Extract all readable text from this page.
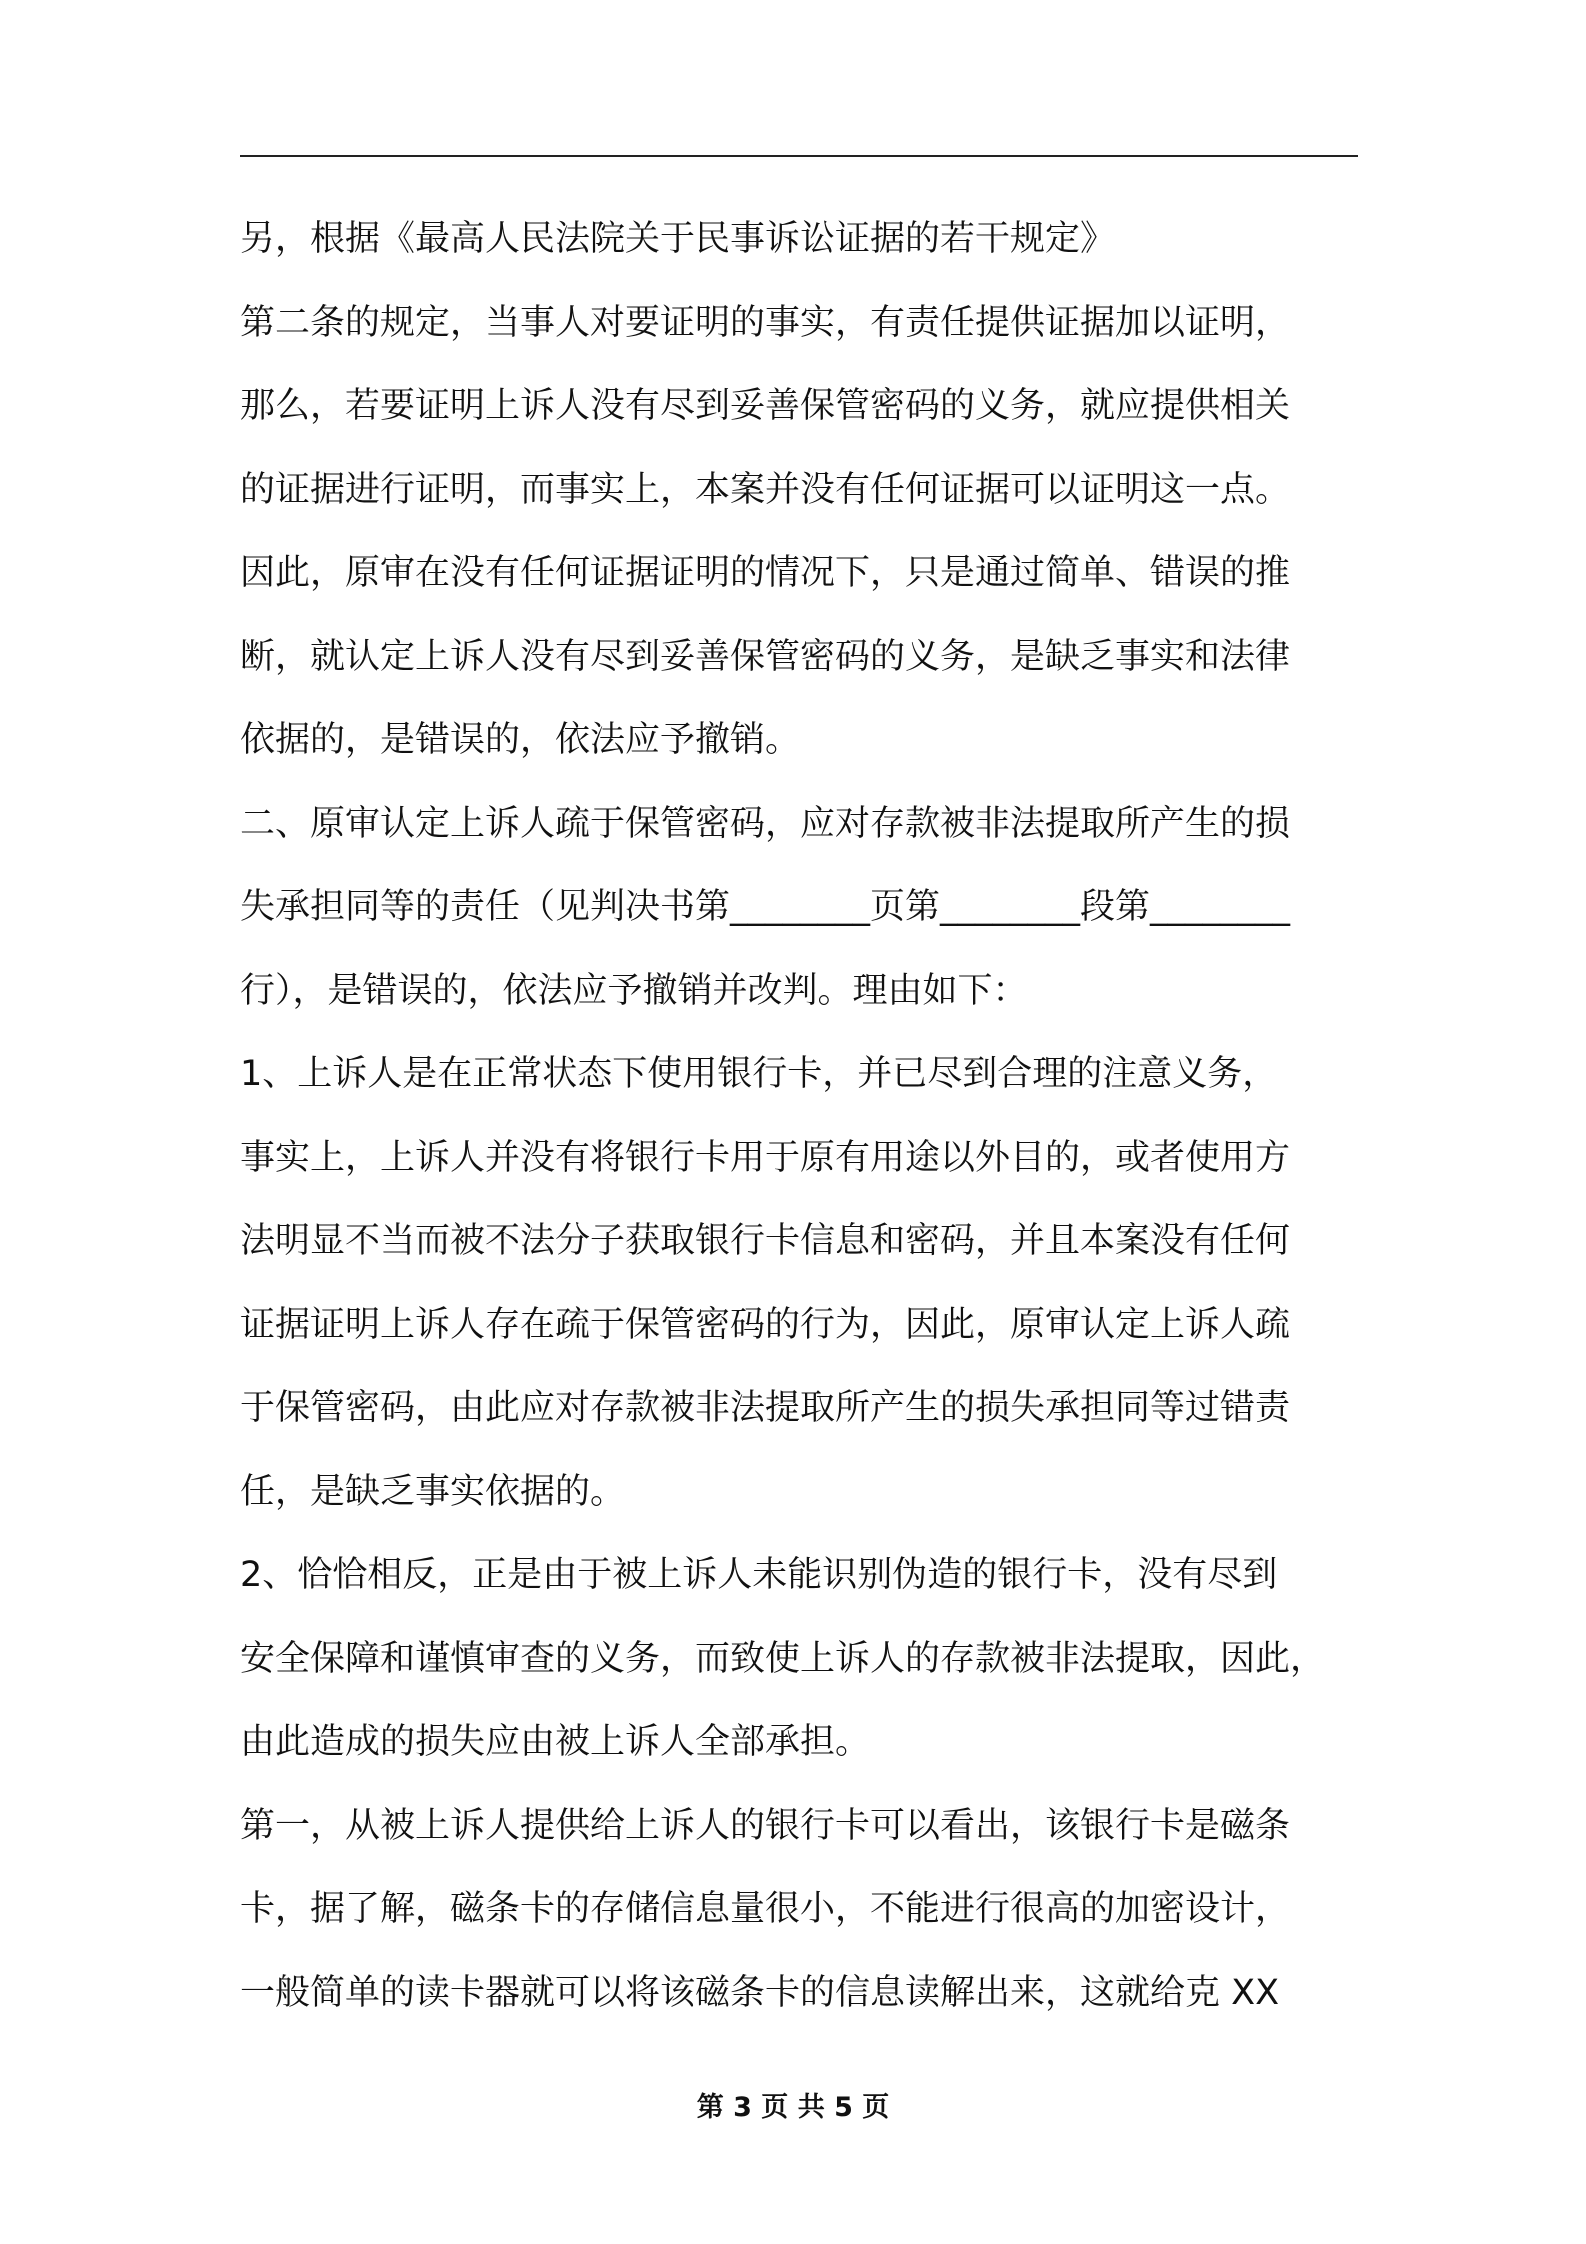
另，根据《最高人民法院关于民事诉讼证据的若干规定》
第二条的规定，当事人对要证明的事实，有责任提供证据加以证明，
那么，若要证明上诉人没有尽到妥善保管密码的义务，就应提供相关
的证据进行证明，而事实上，本案并没有任何证据可以证明这一点。
因此，原审在没有任何证据证明的情况下，只是通过简单、错误的推
断，就认定上诉人没有尽到妥善保管密码的义务，是缺乏事实和法律
依据的，是错误的，依法应予撤销。
二、原审认定上诉人疏于保管密码，应对存款被非法提取所产生的损
失承担同等的责任（见判决书第________页第________段第________
行），是错误的，依法应予撤销并改判。理由如下：
1、上诉人是在正常状态下使用银行卡，并已尽到合理的注意义务，
事实上，上诉人并没有将银行卡用于原有用途以外目的，或者使用方
法明显不当而被不法分子获取银行卡信息和密码，并且本案没有任何
证据证明上诉人存在疏于保管密码的行为，因此，原审认定上诉人疏
于保管密码，由此应对存款被非法提取所产生的损失承担同等过错责
任，是缺乏事实依据的。
2、恰恰相反，正是由于被上诉人未能识别伪造的银行卡，没有尽到
安全保障和谨慎审查的义务，而致使上诉人的存款被非法提取，因此，
由此造成的损失应由被上诉人全部承担。
第一，从被上诉人提供给上诉人的银行卡可以看出，该银行卡是磁条
卡，据了解，磁条卡的存储信息量很小，不能进行很高的加密设计，
一般简单的读卡器就可以将该磁条卡的信息读解出来，这就给克 XX
第 3 页 共 5 页
